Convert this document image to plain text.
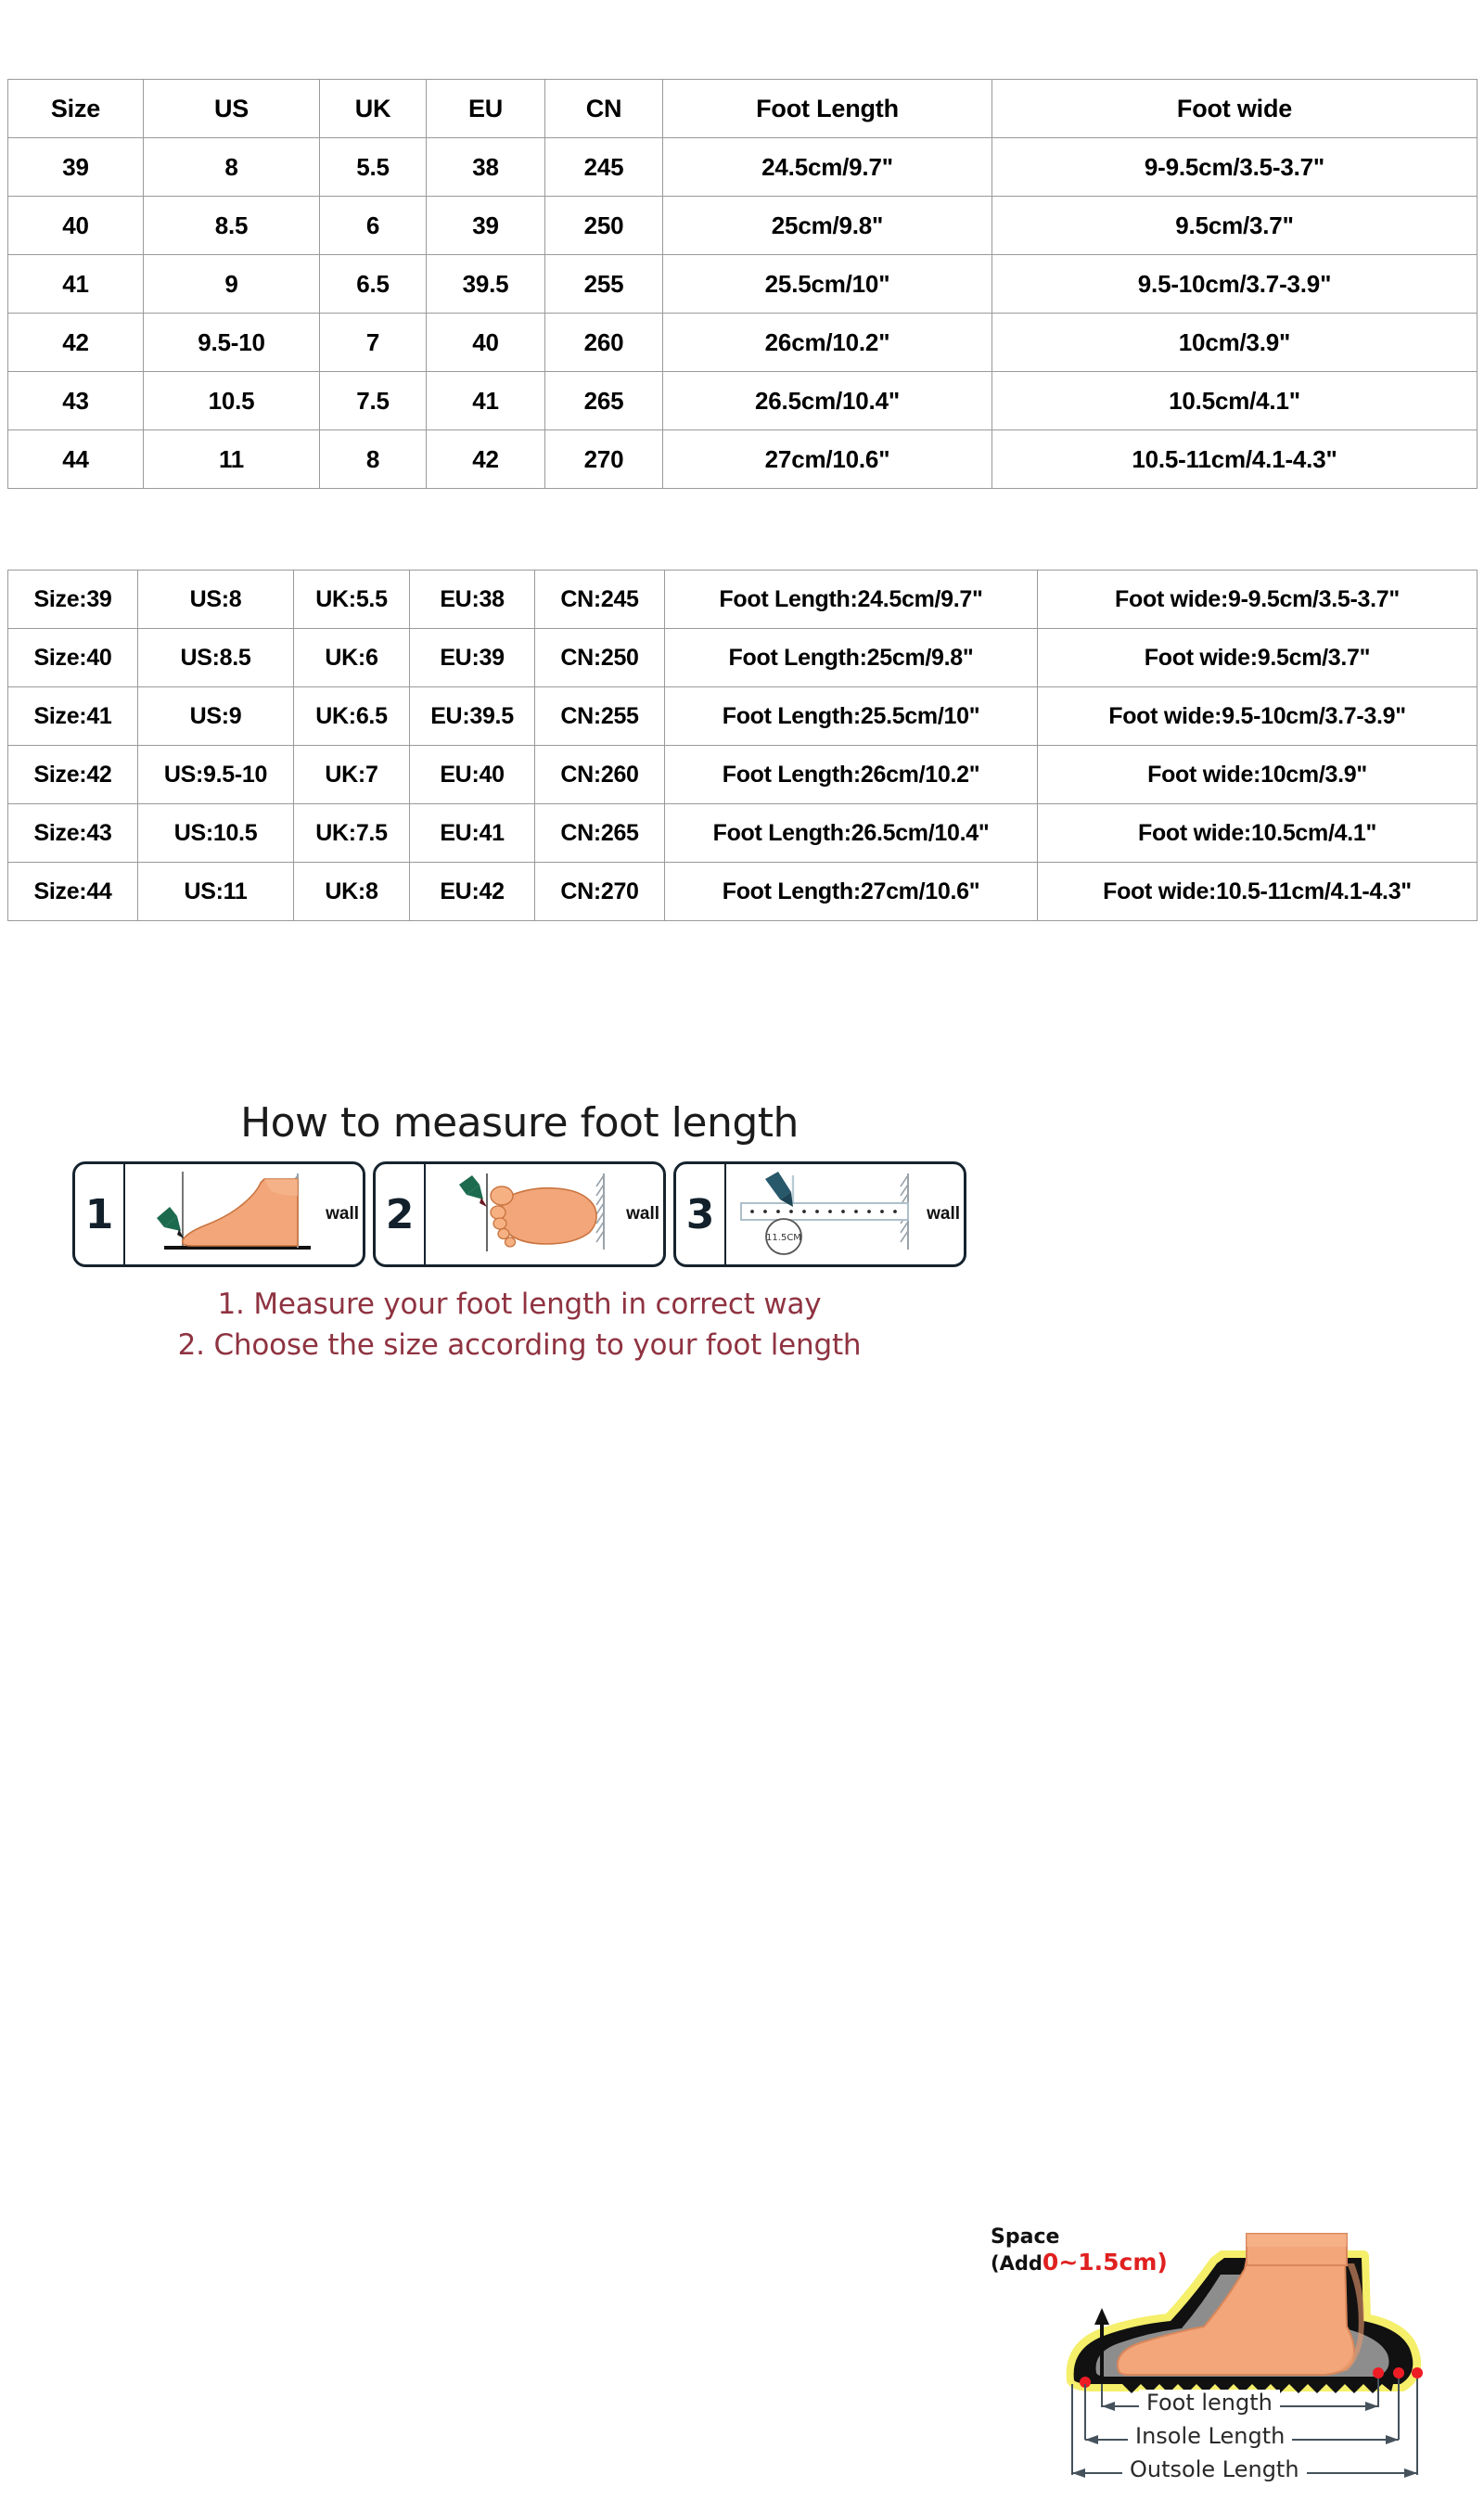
Size	US	UK	EU	CN	Foot Length	Foot wide
39	8	5.5	38	245	24.5cm/9.7"	9-9.5cm/3.5-3.7"
40	8.5	6	39	250	25cm/9.8"	9.5cm/3.7"
41	9	6.5	39.5	255	25.5cm/10"	9.5-10cm/3.7-3.9"
42	9.5-10	7	40	260	26cm/10.2"	10cm/3.9"
43	10.5	7.5	41	265	26.5cm/10.4"	10.5cm/4.1"
44	11	8	42	270	27cm/10.6"	10.5-11cm/4.1-4.3"
Size:39	US:8	UK:5.5	EU:38	CN:245	Foot Length:24.5cm/9.7"	Foot wide:9-9.5cm/3.5-3.7"
Size:40	US:8.5	UK:6	EU:39	CN:250	Foot Length:25cm/9.8"	Foot wide:9.5cm/3.7"
Size:41	US:9	UK:6.5	EU:39.5	CN:255	Foot Length:25.5cm/10"	Foot wide:9.5-10cm/3.7-3.9"
Size:42	US:9.5-10	UK:7	EU:40	CN:260	Foot Length:26cm/10.2"	Foot wide:10cm/3.9"
Size:43	US:10.5	UK:7.5	EU:41	CN:265	Foot Length:26.5cm/10.4"	Foot wide:10.5cm/4.1"
Size:44	US:11	UK:8	EU:42	CN:270	Foot Length:27cm/10.6"	Foot wide:10.5-11cm/4.1-4.3"
How to measure foot length
1	wall 2	wall 3	11.5CM
wall
1. Measure your foot length in correct way
2. Choose the size according to your foot length
Space
(Add0~1.5cm)
Foot length
Insole Length
Outsole Length
